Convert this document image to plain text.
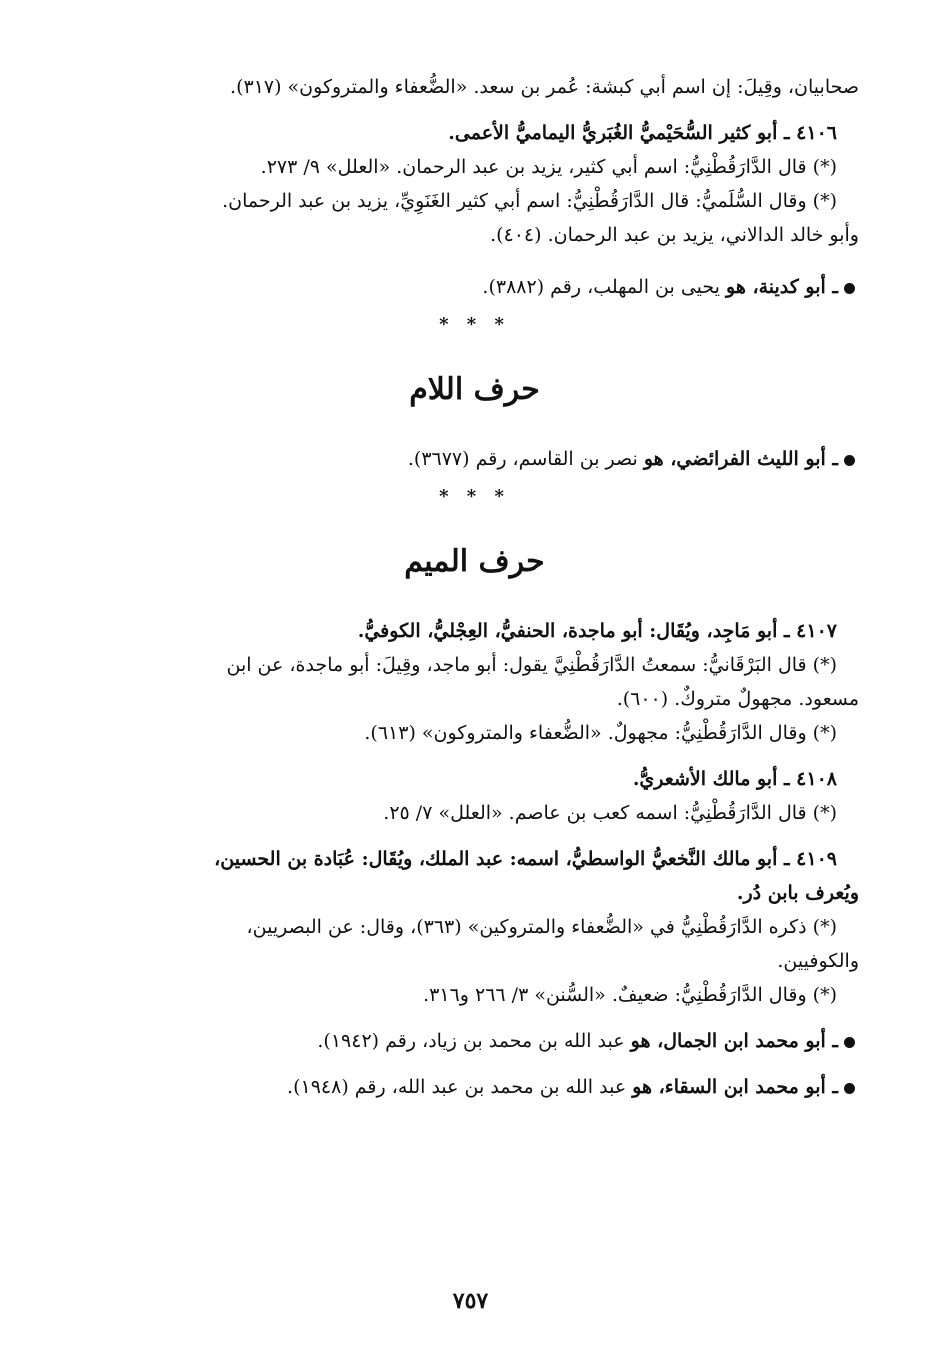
صحابيان، وقِيلَ: إن اسم أبي كبشة: عُمر بن سعد. «الضُّعفاء والمتروكون» (٣١٧).

٤١٠٦ ـ أبو كثير السُّحَيْميُّ الغُبَريُّ اليماميُّ الأعمى.

(*) قال الدَّارَقُطْنِيُّ: اسم أبي كثير، يزيد بن عبد الرحمان. «العلل» ٩/ ٢٧٣.

(*) وقال السُّلَميُّ: قال الدَّارَقُطْنِيُّ: اسم أبي كثير الغَنَوِيِّ، يزيد بن عبد الرحمان.

وأبو خالد الدالاني، يزيد بن عبد الرحمان. (٤٠٤).

ـ أبو كدينة، هو يحيى بن المهلب، رقم (٣٨٨٢).

* * *

حرف اللام

ـ أبو الليث الفرائضي، هو نصر بن القاسم، رقم (٣٦٧٧).

* * *

حرف الميم

٤١٠٧ ـ أبو مَاجِد، ويُقَال: أبو ماجدة، الحنفيُّ، العِجْليُّ، الكوفيُّ.

(*) قال البَرْقَانيُّ: سمعتُ الدَّارَقُطْنِيَّ يقول: أبو ماجد، وقِيلَ: أبو ماجدة، عن ابن

مسعود. مجهولٌ متروكٌ. (٦٠٠).

(*) وقال الدَّارَقُطْنِيُّ: مجهولٌ. «الضُّعفاء والمتروكون» (٦١٣).

٤١٠٨ ـ أبو مالك الأشعريُّ.

(*) قال الدَّارَقُطْنِيُّ: اسمه كعب بن عاصم. «العلل» ٧/ ٢٥.

٤١٠٩ ـ أبو مالك النَّخعيُّ الواسطيُّ، اسمه: عبد الملك، ويُقَال: عُبَادة بن الحسين،

ويُعرف بابن دُر.

(*) ذكره الدَّارَقُطْنِيُّ في «الضُّعفاء والمتروكين» (٣٦٣)، وقال: عن البصريين،

والكوفيين.

(*) وقال الدَّارَقُطْنِيُّ: ضعيفٌ. «السُّنن» ٣/ ٢٦٦ و٣١٦.

ـ أبو محمد ابن الجمال، هو عبد الله بن محمد بن زياد، رقم (١٩٤٢).

ـ أبو محمد ابن السقاء، هو عبد الله بن محمد بن عبد الله، رقم (١٩٤٨).

٧٥٧
